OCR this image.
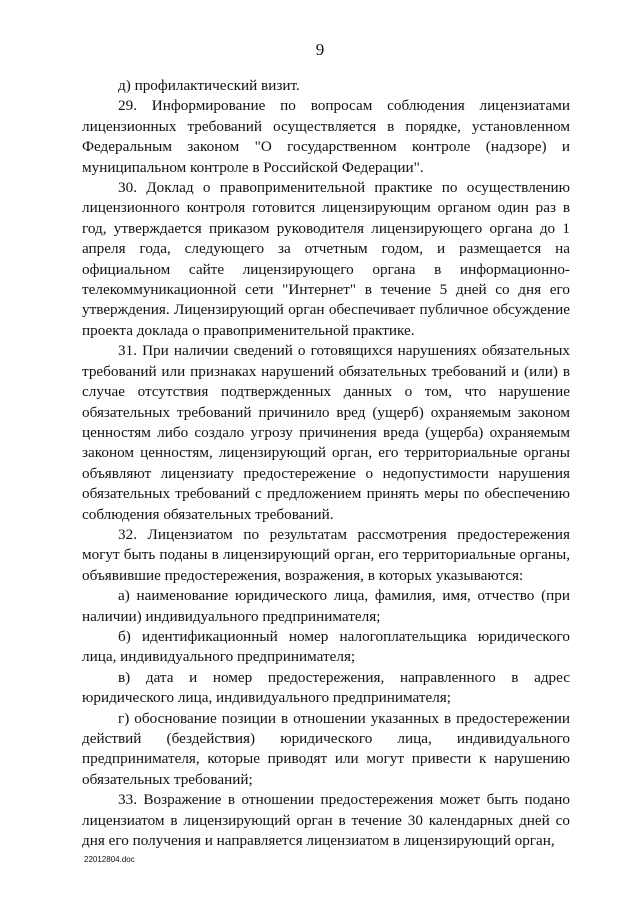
9

д) профилактический визит.

29. Информирование по вопросам соблюдения лицензиатами лицензионных требований осуществляется в порядке, установленном Федеральным законом "О государственном контроле (надзоре) и муниципальном контроле в Российской Федерации".

30. Доклад о правоприменительной практике по осуществлению лицензионного контроля готовится лицензирующим органом один раз в год, утверждается приказом руководителя лицензирующего органа до 1 апреля года, следующего за отчетным годом, и размещается на официальном сайте лицензирующего органа в информационно-телекоммуникационной сети "Интернет" в течение 5 дней со дня его утверждения. Лицензирующий орган обеспечивает публичное обсуждение проекта доклада о правоприменительной практике.

31. При наличии сведений о готовящихся нарушениях обязательных требований или признаках нарушений обязательных требований и (или) в случае отсутствия подтвержденных данных о том, что нарушение обязательных требований причинило вред (ущерб) охраняемым законом ценностям либо создало угрозу причинения вреда (ущерба) охраняемым законом ценностям, лицензирующий орган, его территориальные органы объявляют лицензиату предостережение о недопустимости нарушения обязательных требований с предложением принять меры по обеспечению соблюдения обязательных требований.

32. Лицензиатом по результатам рассмотрения предостережения могут быть поданы в лицензирующий орган, его территориальные органы, объявившие предостережения, возражения, в которых указываются:

а) наименование юридического лица, фамилия, имя, отчество (при наличии) индивидуального предпринимателя;

б) идентификационный номер налогоплательщика юридического лица, индивидуального предпринимателя;

в) дата и номер предостережения, направленного в адрес юридического лица, индивидуального предпринимателя;

г) обоснование позиции в отношении указанных в предостережении действий (бездействия) юридического лица, индивидуального предпринимателя, которые приводят или могут привести к нарушению обязательных требований;

33. Возражение в отношении предостережения может быть подано лицензиатом в лицензирующий орган в течение 30 календарных дней со дня его получения и направляется лицензиатом в лицензирующий орган,

22012804.doc
